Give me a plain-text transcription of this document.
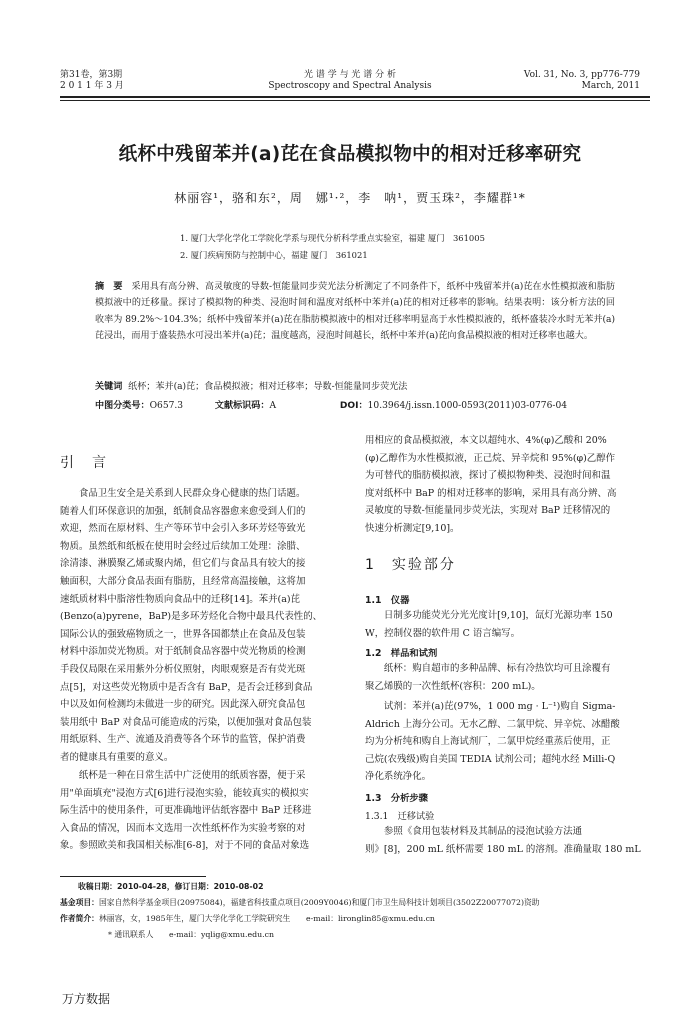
第31卷，第3期
2 0 1 1 年 3 月
光 谱 学 与 光 谱 分 析
Spectroscopy and Spectral Analysis
Vol. 31, No. 3, pp776-779
March, 2011
纸杯中残留苯并(a)芘在食品模拟物中的相对迁移率研究
林丽容¹，骆和东²，周　娜¹·²，李　呐¹，贾玉珠²，李耀群¹*
1. 厦门大学化学化工学院化学系与现代分析科学重点实验室，福建 厦门　361005
2. 厦门疾病预防与控制中心，福建 厦门　361021
摘　要 采用具有高分辨、高灵敏度的导数-恒能量同步荧光法分析测定了不同条件下，纸杯中残留苯并(a)芘在水性模拟液和脂肪模拟液中的迁移量。探讨了模拟物的种类、浸泡时间和温度对纸杯中苯并(a)芘的相对迁移率的影响。结果表明：该分析方法的回收率为 89.2%～104.3%；纸杯中残留苯并(a)芘在脂肪模拟液中的相对迁移率明显高于水性模拟液的，纸杯盛装冷水时无苯并(a)芘浸出，而用于盛装热水可浸出苯并(a)芘；温度越高，浸泡时间越长，纸杯中苯并(a)芘向食品模拟液的相对迁移率也越大。
关键词 纸杯；苯并(a)芘；食品模拟液；相对迁移率；导数-恒能量同步荧光法
中图分类号：O657.3	文献标识码：A	DOI：10.3964/j.issn.1000-0593(2011)03-0776-04
引　言

食品卫生安全是关系到人民群众身心健康的热门话题。

随着人们环保意识的加强，纸制食品容器愈来愈受到人们的

欢迎，然而在原材料、生产等环节中会引入多环芳烃等致光

物质。虽然纸和纸板在使用时会经过后续加工处理：涂腊、

涂清漆、淋膜聚乙烯或聚内烯，但它们与食品具有较大的接

触面积，大部分食品表面有脂肪，且经常高温接触，这将加

速纸质材料中脂溶性物质向食品中的迁移[14]。苯并(a)芘

(Benzo(a)pyrene，BaP)是多环芳烃化合物中最具代表性的、

国际公认的强致癌物质之一，世界各国都禁止在食品及包装

材料中添加荧光物质。对于纸制食品容器中荧光物质的检测

手段仅局限在采用紫外分析仪照射，肉眼观察是否有荧光斑

点[5]，对这些荧光物质中是否含有 BaP，是否会迁移到食品

中以及如何检测均未做进一步的研究。因此深入研究食品包

装用纸中 BaP 对食品可能造成的污染，以便加强对食品包装

用纸原料、生产、流通及消费等各个环节的监管，保护消费

者的健康具有重要的意义。

纸杯是一种在日常生活中广泛使用的纸质容器，便于采

用"单面填充"浸泡方式[6]进行浸泡实验，能较真实的模拟实

际生活中的使用条件，可更准确地评估纸容器中 BaP 迁移进

入食品的情况，因而本文选用一次性纸杯作为实验考察的对

象。参照欧美和我国相关标准[6-8]，对于不同的食品对象选

用相应的食品模拟液，本文以超纯水、4%(φ)乙酸和 20%

(φ)乙醇作为水性模拟液，正己烷、异辛烷和 95%(φ)乙醇作

为可替代的脂肪模拟液，探讨了模拟物种类、浸泡时间和温

度对纸杯中 BaP 的相对迁移率的影响，采用具有高分辨、高

灵敏度的导数-恒能量同步荧光法，实现对 BaP 迁移情况的

快速分析测定[9,10]。

1　实验部分
1.1　仪器

日制多功能荧光分光光度计[9,10]，氙灯光源功率 150

W，控制仪器的软件用 C 语言编写。

1.2　样品和试剂

纸杯：购自超市的多种品牌、标有冷热饮均可且涂覆有

聚乙烯膜的一次性纸杯(容积：200 mL)。

试剂：苯并(a)芘(97%，1 000 mg · L⁻¹)购自 Sigma-

Aldrich 上海分公司。无水乙醇、二氯甲烷、异辛烷、冰醋酸

均为分析纯和购自上海试剂厂，二氯甲烷经重蒸后使用，正

己烷(农残级)购自美国 TEDIA 试剂公司；超纯水经 Milli-Q

净化系统净化。

1.3　分析步骤
1.3.1　迁移试验

参照《食用包装材料及其制品的浸泡试验方法通

则》[8]，200 mL 纸杯需要 180 mL 的溶剂。准确量取 180 mL

收稿日期：2010-04-28，修订日期：2010-08-02
基金项目：国家自然科学基金项目(20975084)，福建省科技重点项目(2009Y0046)和厦门市卫生局科技计划项目(3502Z20077072)资助
作者简介：林丽容，女，1985年生，厦门大学化学化工学院研究生　　e-mail：lironglin85@xmu.edu.cn
* 通讯联系人　　e-mail：yqlig@xmu.edu.cn
万方数据
